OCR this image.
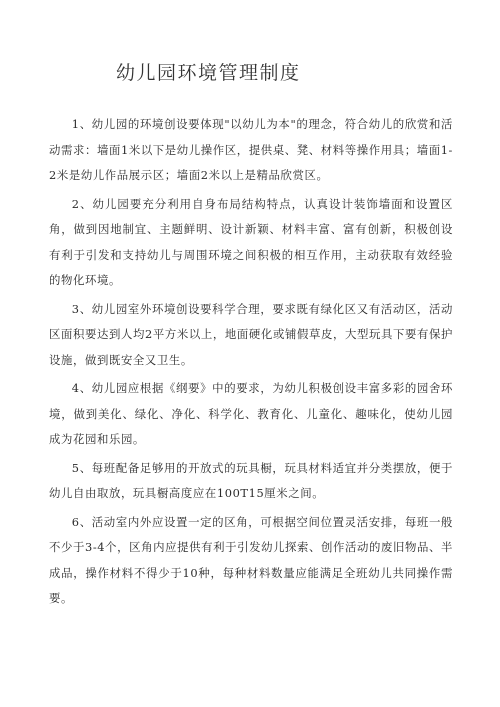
幼儿园环境管理制度

1、幼儿园的环境创设要体现"以幼儿为本"的理念，符合幼儿的欣赏和活动需求：墙面1米以下是幼儿操作区，提供桌、凳、材料等操作用具；墙面1-2米是幼儿作品展示区；墙面2米以上是精品欣赏区。

2、幼儿园要充分利用自身布局结构特点，认真设计装饰墙面和设置区角，做到因地制宜、主题鲜明、设计新颖、材料丰富、富有创新，积极创设有利于引发和支持幼儿与周围环境之间积极的相互作用，主动获取有效经验的物化环境。

3、幼儿园室外环境创设要科学合理，要求既有绿化区又有活动区，活动区面积要达到人均2平方米以上，地面硬化或铺假草皮，大型玩具下要有保护设施，做到既安全又卫生。

4、幼儿园应根据《纲要》中的要求，为幼儿积极创设丰富多彩的园舍环境，做到美化、绿化、净化、科学化、教育化、儿童化、趣味化，使幼儿园成为花园和乐园。

5、每班配备足够用的开放式的玩具橱，玩具材料适宜并分类摆放，便于幼儿自由取放，玩具橱高度应在100T15厘米之间。

6、活动室内外应设置一定的区角，可根据空间位置灵活安排，每班一般不少于3-4个，区角内应提供有利于引发幼儿探索、创作活动的废旧物品、半成品，操作材料不得少于10种，每种材料数量应能满足全班幼儿共同操作需要。
